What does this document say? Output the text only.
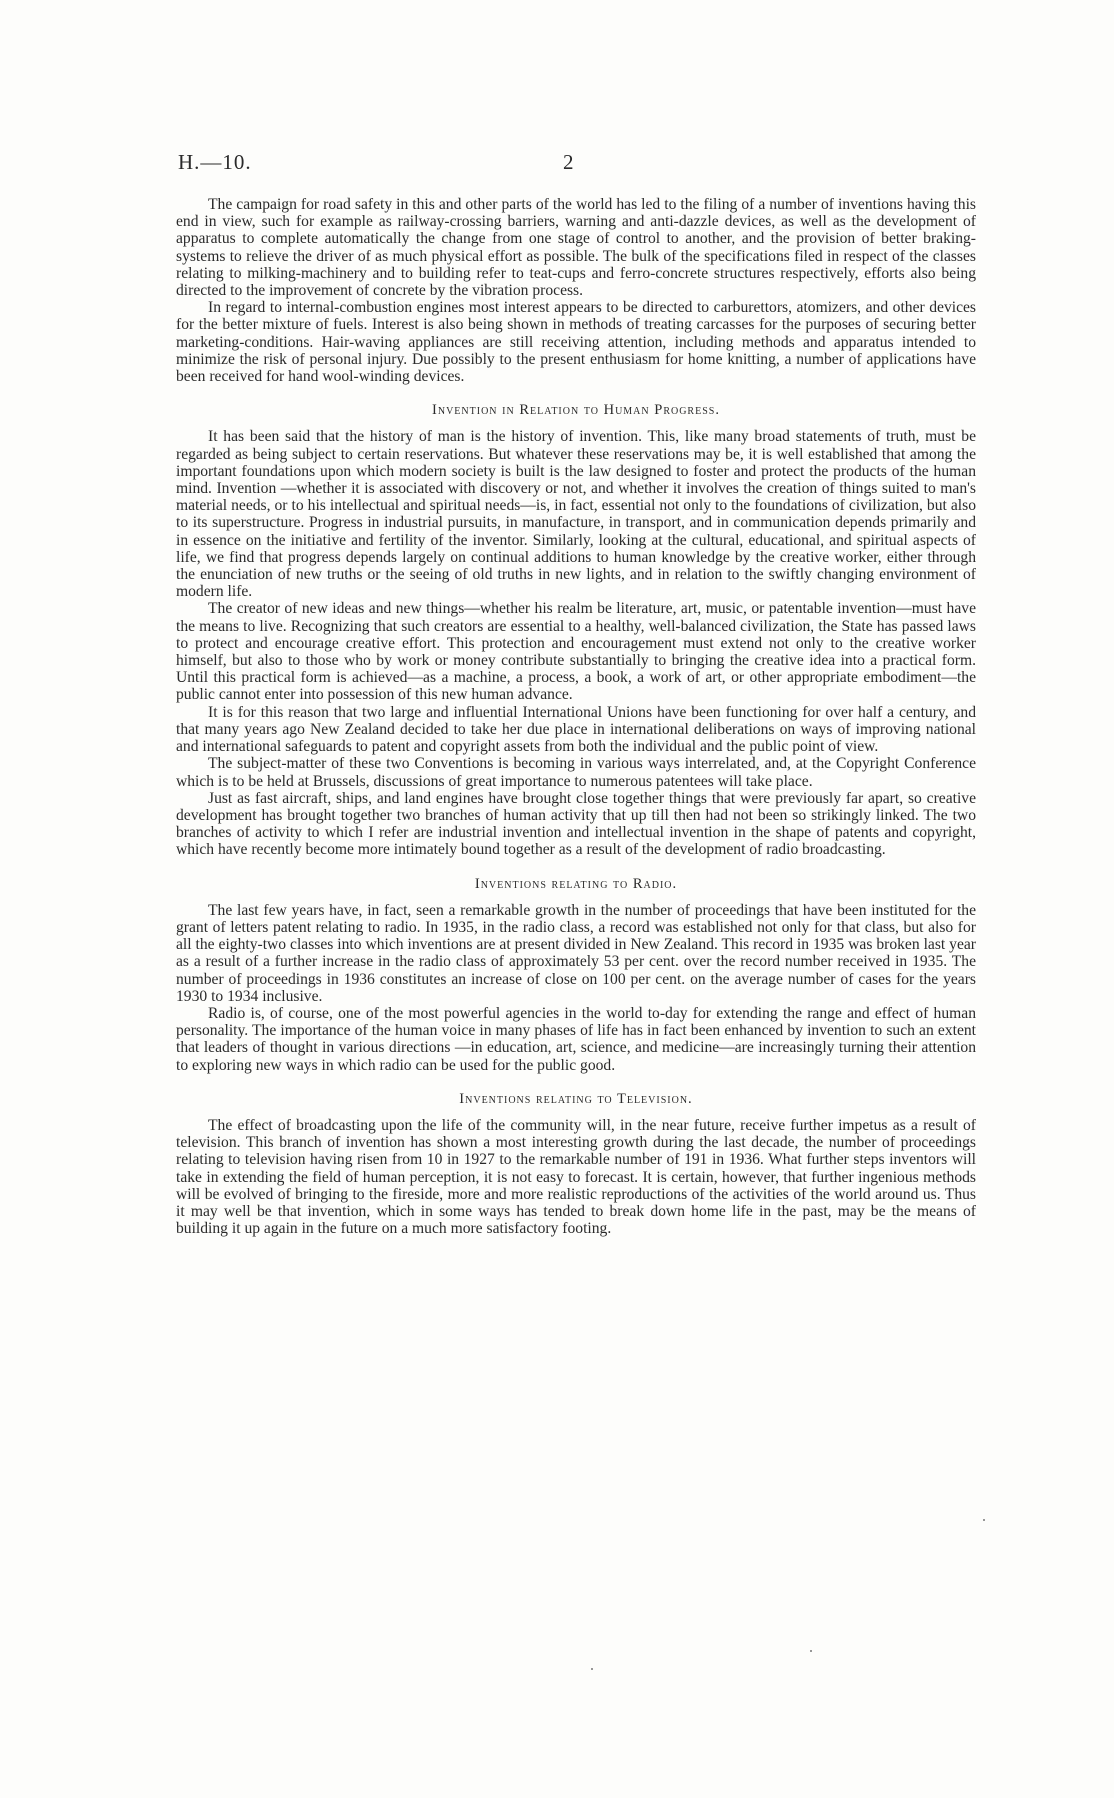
H.—10.	2

The campaign for road safety in this and other parts of the world has led to the filing of a number of inventions having this end in view, such for example as railway-crossing barriers, warning and anti-dazzle devices, as well as the development of apparatus to complete automatically the change from one stage of control to another, and the provision of better braking-systems to relieve the driver of as much physical effort as possible. The bulk of the specifications filed in respect of the classes relating to milking-machinery and to building refer to teat-cups and ferro-concrete structures respectively, efforts also being directed to the improvement of concrete by the vibration process.

In regard to internal-combustion engines most interest appears to be directed to carburettors, atomizers, and other devices for the better mixture of fuels. Interest is also being shown in methods of treating carcasses for the purposes of securing better marketing-conditions. Hair-waving appliances are still receiving attention, including methods and apparatus intended to minimize the risk of personal injury. Due possibly to the present enthusiasm for home knitting, a number of applications have been received for hand wool-winding devices.

Invention in Relation to Human Progress.

It has been said that the history of man is the history of invention. This, like many broad statements of truth, must be regarded as being subject to certain reservations. But whatever these reservations may be, it is well established that among the important foundations upon which modern society is built is the law designed to foster and protect the products of the human mind. Invention —whether it is associated with discovery or not, and whether it involves the creation of things suited to man's material needs, or to his intellectual and spiritual needs—is, in fact, essential not only to the foundations of civilization, but also to its superstructure. Progress in industrial pursuits, in manufacture, in transport, and in communication depends primarily and in essence on the initiative and fertility of the inventor. Similarly, looking at the cultural, educational, and spiritual aspects of life, we find that progress depends largely on continual additions to human knowledge by the creative worker, either through the enunciation of new truths or the seeing of old truths in new lights, and in relation to the swiftly changing environment of modern life.

The creator of new ideas and new things—whether his realm be literature, art, music, or patentable invention—must have the means to live. Recognizing that such creators are essential to a healthy, well-balanced civilization, the State has passed laws to protect and encourage creative effort. This protection and encouragement must extend not only to the creative worker himself, but also to those who by work or money contribute substantially to bringing the creative idea into a practical form. Until this practical form is achieved—as a machine, a process, a book, a work of art, or other appropriate embodiment—the public cannot enter into possession of this new human advance.

It is for this reason that two large and influential International Unions have been functioning for over half a century, and that many years ago New Zealand decided to take her due place in international deliberations on ways of improving national and international safeguards to patent and copyright assets from both the individual and the public point of view.

The subject-matter of these two Conventions is becoming in various ways interrelated, and, at the Copyright Conference which is to be held at Brussels, discussions of great importance to numerous patentees will take place.

Just as fast aircraft, ships, and land engines have brought close together things that were previously far apart, so creative development has brought together two branches of human activity that up till then had not been so strikingly linked. The two branches of activity to which I refer are industrial invention and intellectual invention in the shape of patents and copyright, which have recently become more intimately bound together as a result of the development of radio broadcasting.

Inventions relating to Radio.

The last few years have, in fact, seen a remarkable growth in the number of proceedings that have been instituted for the grant of letters patent relating to radio. In 1935, in the radio class, a record was established not only for that class, but also for all the eighty-two classes into which inventions are at present divided in New Zealand. This record in 1935 was broken last year as a result of a further increase in the radio class of approximately 53 per cent. over the record number received in 1935. The number of proceedings in 1936 constitutes an increase of close on 100 per cent. on the average number of cases for the years 1930 to 1934 inclusive.

Radio is, of course, one of the most powerful agencies in the world to-day for extending the range and effect of human personality. The importance of the human voice in many phases of life has in fact been enhanced by invention to such an extent that leaders of thought in various directions —in education, art, science, and medicine—are increasingly turning their attention to exploring new ways in which radio can be used for the public good.

Inventions relating to Television.

The effect of broadcasting upon the life of the community will, in the near future, receive further impetus as a result of television. This branch of invention has shown a most interesting growth during the last decade, the number of proceedings relating to television having risen from 10 in 1927 to the remarkable number of 191 in 1936. What further steps inventors will take in extending the field of human perception, it is not easy to forecast. It is certain, however, that further ingenious methods will be evolved of bringing to the fireside, more and more realistic reproductions of the activities of the world around us. Thus it may well be that invention, which in some ways has tended to break down home life in the past, may be the means of building it up again in the future on a much more satisfactory footing.
